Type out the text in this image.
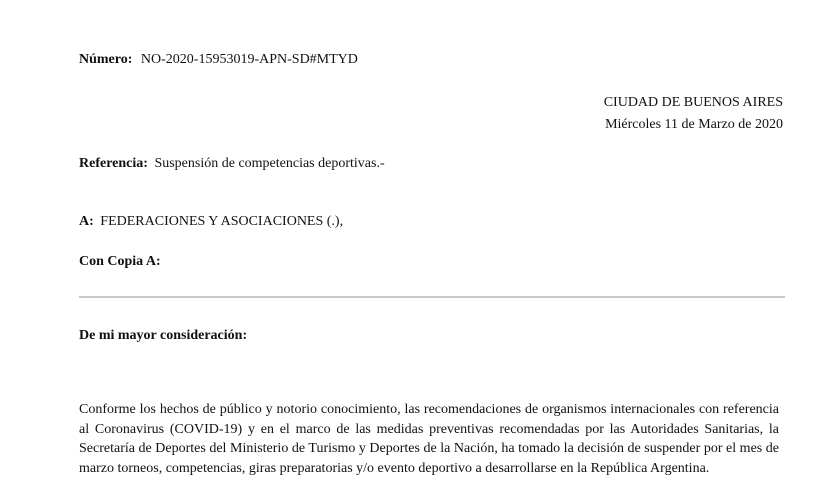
Número: NO-2020-15953019-APN-SD#MTYD
CIUDAD DE BUENOS AIRES
Miércoles 11 de Marzo de 2020
Referencia: Suspensión de competencias deportivas.-
A: FEDERACIONES Y ASOCIACIONES (.),
Con Copia A:
De mi mayor consideración:
Conforme los hechos de público y notorio conocimiento, las recomendaciones de organismos internacionales con referencia al Coronavirus (COVID-19) y en el marco de las medidas preventivas recomendadas por las Autoridades Sanitarias, la Secretaría de Deportes del Ministerio de Turismo y Deportes de la Nación, ha tomado la decisión de suspender por el mes de marzo torneos, competencias, giras preparatorias y/o evento deportivo a desarrollarse en la República Argentina.
